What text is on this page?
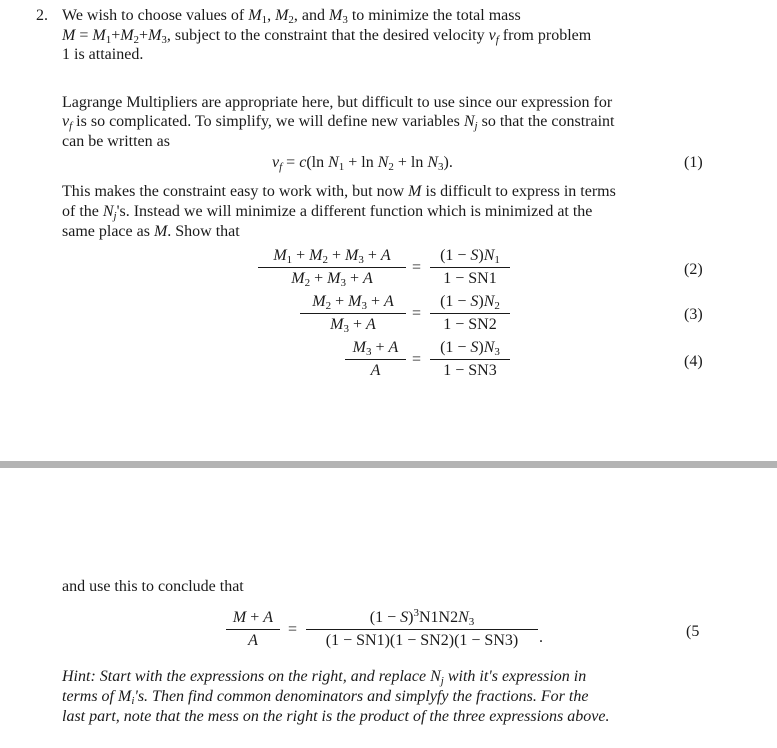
2. We wish to choose values of $M_1$, $M_2$, and $M_3$ to minimize the total mass
$M = M_1+M_2+M_3$, subject to the constraint that the desired velocity $v_f$ from problem
1 is attained.
Lagrange Multipliers are appropriate here, but difficult to use since our expression for
$v_f$ is so complicated. To simplify, we will define new variables $N_j$ so that the constraint
can be written as
$v_f = c(\ln$ $N_1 + \ln N_2 + \ln N_3$).	(1)
This makes the constraint easy to work with, but now M is difficult to express in terms
of the $N_j's$. Instead we will minimize a different function which is minimized at the
same place as M. Show that
$M_1 + M_2 + M_3 + A$
$M_2 + M_3 + A$
=
$(1 - S)N_1$
1 − SN1
(2)
$M_2 + M_3 + A$
$M_3 + A$
=
$(1 - S)N_2$
1 − SN2
(3)
$M_3 + A$
A
=
$(1 - S)N_3$
1 − SN3
(4)
and use this to conclude that
M + A
A
=
$(1 - S)^3N1N2N_3$
(1 − SN1)(1 − SN2)(1 − SN3)	.	(5
Hint: Start with the expressions on the right, and replace $N_j$ with it's expression in
terms of $M_i's$. Then find common denominators and simplyfy the fractions. For the
last part, note that the mess on the right is the product of the three expressions above.
